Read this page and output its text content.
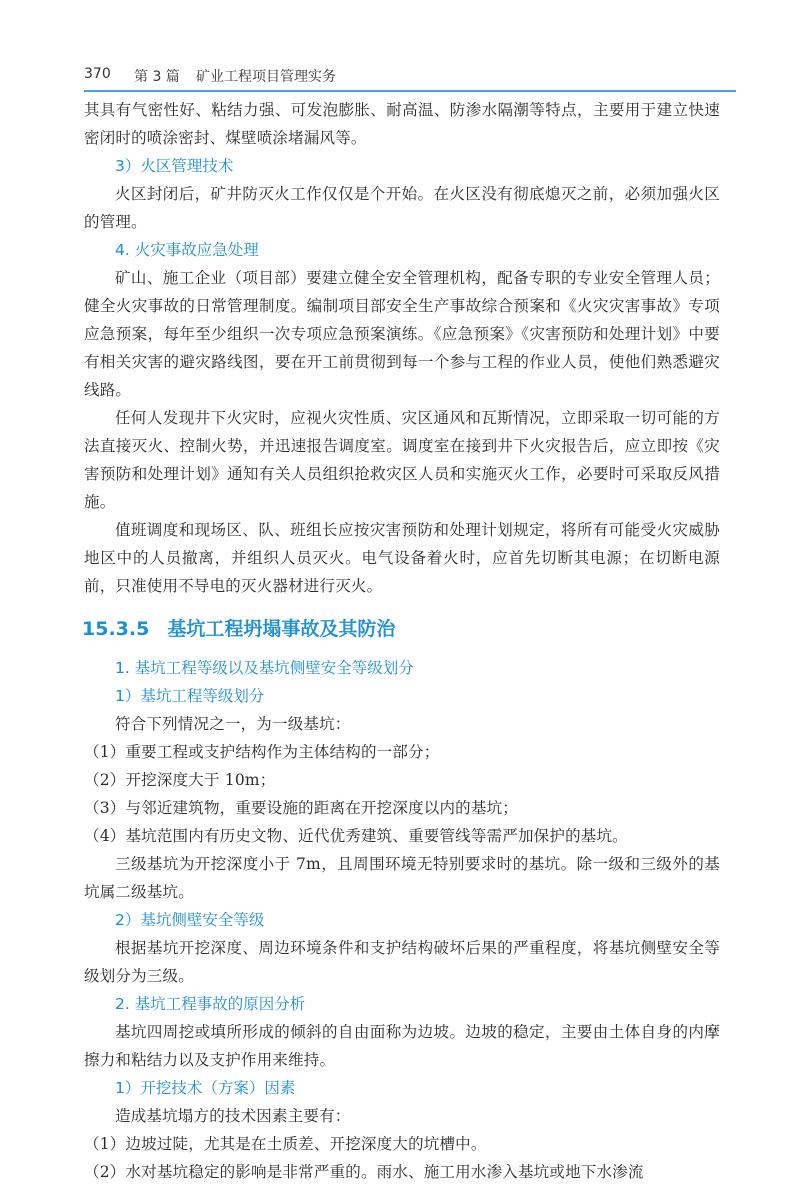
370 第 3 篇 矿业工程项目管理实务

其具有气密性好、粘结力强、可发泡膨胀、耐高温、防渗水隔潮等特点，主要用于建立快速密闭时的喷涂密封、煤壁喷涂堵漏风等。

3）火区管理技术

火区封闭后，矿井防灭火工作仅仅是个开始。在火区没有彻底熄灭之前，必须加强火区的管理。

4. 火灾事故应急处理

矿山、施工企业（项目部）要建立健全安全管理机构，配备专职的专业安全管理人员；健全火灾事故的日常管理制度。编制项目部安全生产事故综合预案和《火灾灾害事故》专项应急预案，每年至少组织一次专项应急预案演练。《应急预案》《灾害预防和处理计划》中要有相关灾害的避灾路线图，要在开工前贯彻到每一个参与工程的作业人员，使他们熟悉避灾线路。

任何人发现井下火灾时，应视火灾性质、灾区通风和瓦斯情况，立即采取一切可能的方法直接灭火、控制火势，并迅速报告调度室。调度室在接到井下火灾报告后，应立即按《灾害预防和处理计划》通知有关人员组织抢救灾区人员和实施灭火工作，必要时可采取反风措施。

值班调度和现场区、队、班组长应按灾害预防和处理计划规定，将所有可能受火灾威胁地区中的人员撤离，并组织人员灭火。电气设备着火时，应首先切断其电源；在切断电源前，只准使用不导电的灭火器材进行灭火。

15.3.5 基坑工程坍塌事故及其防治

1. 基坑工程等级以及基坑侧壁安全等级划分

1）基坑工程等级划分

符合下列情况之一，为一级基坑：

（1）重要工程或支护结构作为主体结构的一部分；

（2）开挖深度大于 10m；

（3）与邻近建筑物，重要设施的距离在开挖深度以内的基坑；

（4）基坑范围内有历史文物、近代优秀建筑、重要管线等需严加保护的基坑。

三级基坑为开挖深度小于 7m，且周围环境无特别要求时的基坑。除一级和三级外的基坑属二级基坑。

2）基坑侧壁安全等级

根据基坑开挖深度、周边环境条件和支护结构破坏后果的严重程度，将基坑侧壁安全等级划分为三级。

2. 基坑工程事故的原因分析

基坑四周挖或填所形成的倾斜的自由面称为边坡。边坡的稳定，主要由土体自身的内摩擦力和粘结力以及支护作用来维持。

1）开挖技术（方案）因素

造成基坑塌方的技术因素主要有：

（1）边坡过陡，尤其是在土质差、开挖深度大的坑槽中。

（2）水对基坑稳定的影响是非常严重的。雨水、施工用水渗入基坑或地下水渗流
